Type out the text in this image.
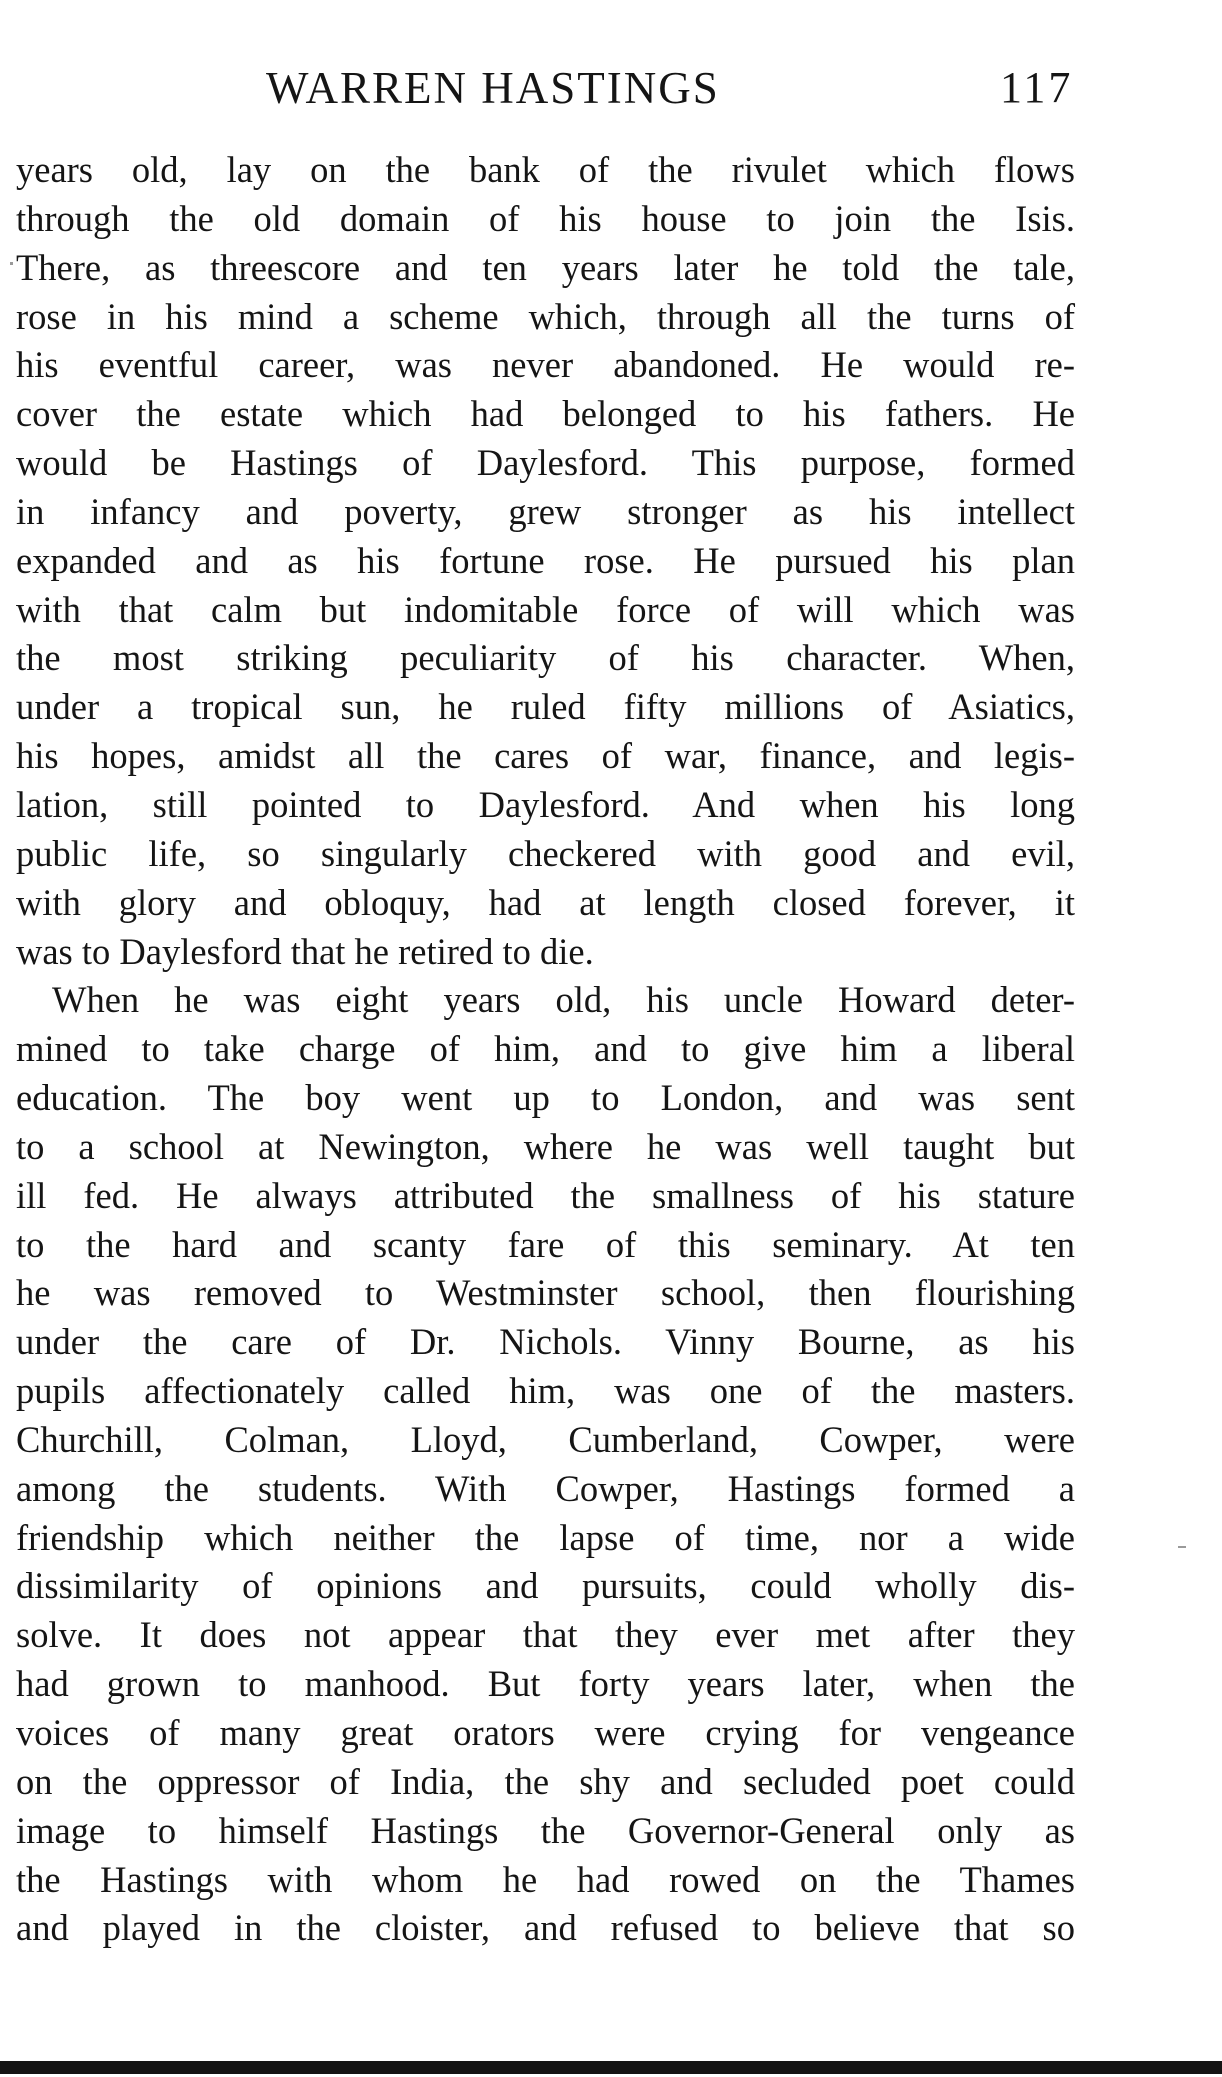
WARREN HASTINGS	117
years old, lay on the bank of the rivulet which flows
through the old domain of his house to join the Isis.
There, as threescore and ten years later he told the tale,
rose in his mind a scheme which, through all the turns of
his eventful career, was never abandoned. He would re-
cover the estate which had belonged to his fathers. He
would be Hastings of Daylesford. This purpose, formed
in infancy and poverty, grew stronger as his intellect
expanded and as his fortune rose. He pursued his plan
with that calm but indomitable force of will which was
the most striking peculiarity of his character. When,
under a tropical sun, he ruled fifty millions of Asiatics,
his hopes, amidst all the cares of war, finance, and legis-
lation, still pointed to Daylesford. And when his long
public life, so singularly checkered with good and evil,
with glory and obloquy, had at length closed forever, it
was to Daylesford that he retired to die.
When he was eight years old, his uncle Howard deter-
mined to take charge of him, and to give him a liberal
education. The boy went up to London, and was sent
to a school at Newington, where he was well taught but
ill fed. He always attributed the smallness of his stature
to the hard and scanty fare of this seminary. At ten
he was removed to Westminster school, then flourishing
under the care of Dr. Nichols. Vinny Bourne, as his
pupils affectionately called him, was one of the masters.
Churchill, Colman, Lloyd, Cumberland, Cowper, were
among the students. With Cowper, Hastings formed a
friendship which neither the lapse of time, nor a wide
dissimilarity of opinions and pursuits, could wholly dis-
solve. It does not appear that they ever met after they
had grown to manhood. But forty years later, when the
voices of many great orators were crying for vengeance
on the oppressor of India, the shy and secluded poet could
image to himself Hastings the Governor-General only as
the Hastings with whom he had rowed on the Thames
and played in the cloister, and refused to believe that so
